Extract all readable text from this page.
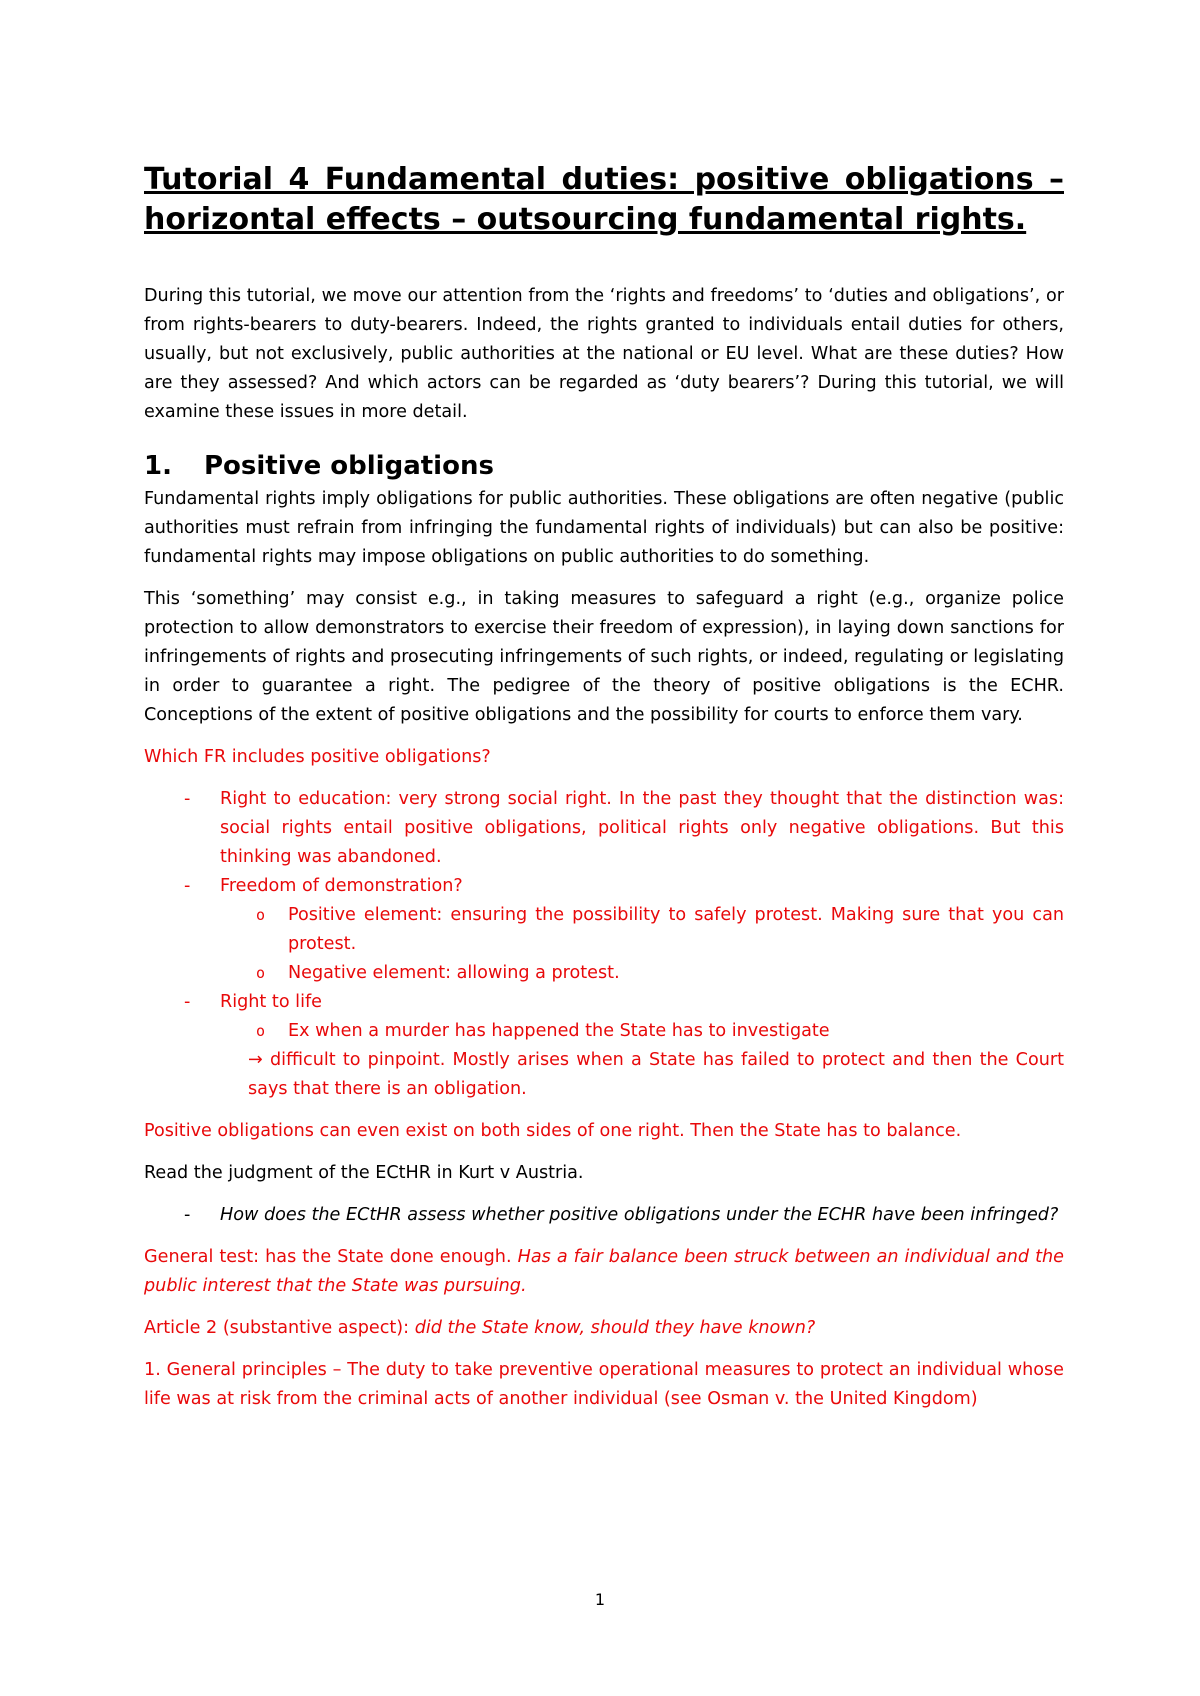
Tutorial 4 Fundamental duties: positive obligations – horizontal effects – outsourcing fundamental rights.

During this tutorial, we move our attention from the ‘rights and freedoms’ to ‘duties and obligations’, or from rights-bearers to duty-bearers. Indeed, the rights granted to individuals entail duties for others, usually, but not exclusively, public authorities at the national or EU level. What are these duties? How are they assessed? And which actors can be regarded as ‘duty bearers’? During this tutorial, we will examine these issues in more detail.

1.	Positive obligations

Fundamental rights imply obligations for public authorities. These obligations are often negative (public authorities must refrain from infringing the fundamental rights of individuals) but can also be positive: fundamental rights may impose obligations on public authorities to do something.

This ‘something’ may consist e.g., in taking measures to safeguard a right (e.g., organize police protection to allow demonstrators to exercise their freedom of expression), in laying down sanctions for infringements of rights and prosecuting infringements of such rights, or indeed, regulating or legislating in order to guarantee a right. The pedigree of the theory of positive obligations is the ECHR. Conceptions of the extent of positive obligations and the possibility for courts to enforce them vary.

Which FR includes positive obligations?

-	Right to education: very strong social right. In the past they thought that the distinction was: social rights entail positive obligations, political rights only negative obligations. But this thinking was abandoned.
-	Freedom of demonstration?
o	Positive element: ensuring the possibility to safely protest. Making sure that you can protest.
o	Negative element: allowing a protest.
-	Right to life
o	Ex when a murder has happened the State has to investigate
→ difficult to pinpoint. Mostly arises when a State has failed to protect and then the Court says that there is an obligation.

Positive obligations can even exist on both sides of one right. Then the State has to balance.

Read the judgment of the ECtHR in Kurt v Austria.

-	How does the ECtHR assess whether positive obligations under the ECHR have been infringed?

General test: has the State done enough. Has a fair balance been struck between an individual and the public interest that the State was pursuing.

Article 2 (substantive aspect): did the State know, should they have known?

1. General principles – The duty to take preventive operational measures to protect an individual whose life was at risk from the criminal acts of another individual (see Osman v. the United Kingdom)

1
